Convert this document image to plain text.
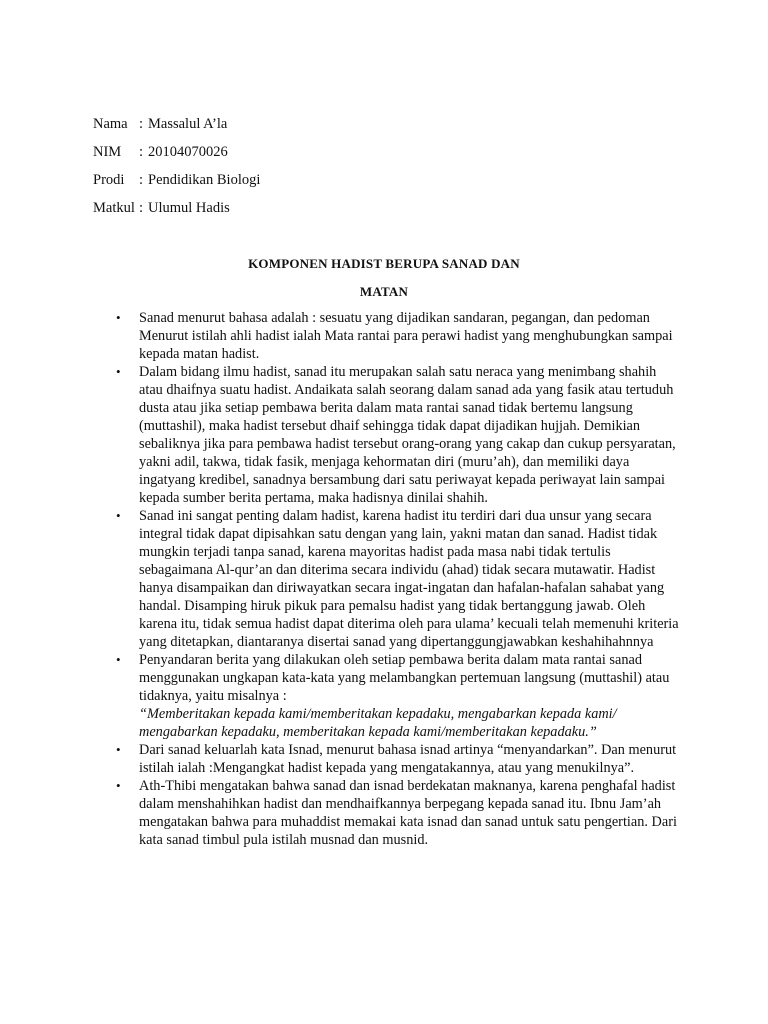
Nama : Massalul A’la
NIM	: 20104070026
Prodi	: Pendidikan Biologi
Matkul : Ulumul Hadis
KOMPONEN HADIST BERUPA SANAD DAN
MATAN
• Sanad menurut bahasa adalah : sesuatu yang dijadikan sandaran, pegangan, dan pedoman
Menurut istilah ahli hadist ialah Mata rantai para perawi hadist yang menghubungkan sampai kepada matan hadist.
• Dalam bidang ilmu hadist, sanad itu merupakan salah satu neraca yang menimbang shahih atau dhaifnya suatu hadist. Andaikata salah seorang dalam sanad ada yang fasik atau tertuduh dusta atau jika setiap pembawa berita dalam mata rantai sanad tidak bertemu langsung (muttashil), maka hadist tersebut dhaif sehingga tidak dapat dijadikan hujjah. Demikian sebaliknya jika para pembawa hadist tersebut orang-orang yang cakap dan cukup persyaratan, yakni adil, takwa, tidak fasik, menjaga kehormatan diri (muru’ah), dan memiliki daya ingatyang kredibel, sanadnya bersambung dari satu periwayat kepada periwayat lain sampai kepada sumber berita pertama, maka hadisnya dinilai shahih.
• Sanad ini sangat penting dalam hadist, karena hadist itu terdiri dari dua unsur yang secara integral tidak dapat dipisahkan satu dengan yang lain, yakni matan dan sanad. Hadist tidak mungkin terjadi tanpa sanad, karena mayoritas hadist pada masa nabi tidak tertulis sebagaimana Al-qur’an dan diterima secara individu (ahad) tidak secara mutawatir. Hadist hanya disampaikan dan diriwayatkan secara ingat-ingatan dan hafalan-hafalan sahabat yang handal. Disamping hiruk pikuk para pemalsu hadist yang tidak bertanggung jawab. Oleh karena itu, tidak semua hadist dapat diterima oleh para ulama’ kecuali telah memenuhi kriteria yang ditetapkan, diantaranya disertai sanad yang dipertanggungjawabkan keshahihahnnya
• Penyandaran berita yang dilakukan oleh setiap pembawa berita dalam mata rantai sanad menggunakan ungkapan kata-kata yang melambangkan pertemuan langsung (muttashil) atau tidaknya, yaitu misalnya :
“Memberitakan kepada kami/memberitakan kepadaku, mengabarkan kepada kami/ mengabarkan kepadaku, memberitakan kepada kami/memberitakan kepadaku.”
• Dari sanad keluarlah kata Isnad, menurut bahasa isnad artinya “menyandarkan”. Dan menurut istilah ialah :Mengangkat hadist kepada yang mengatakannya, atau yang menukilnya”.
• Ath-Thibi mengatakan bahwa sanad dan isnad berdekatan maknanya, karena penghafal hadist dalam menshahihkan hadist dan mendhaifkannya berpegang kepada sanad itu. Ibnu Jam’ah mengatakan bahwa para muhaddist memakai kata isnad dan sanad untuk satu pengertian. Dari kata sanad timbul pula istilah musnad dan musnid.
